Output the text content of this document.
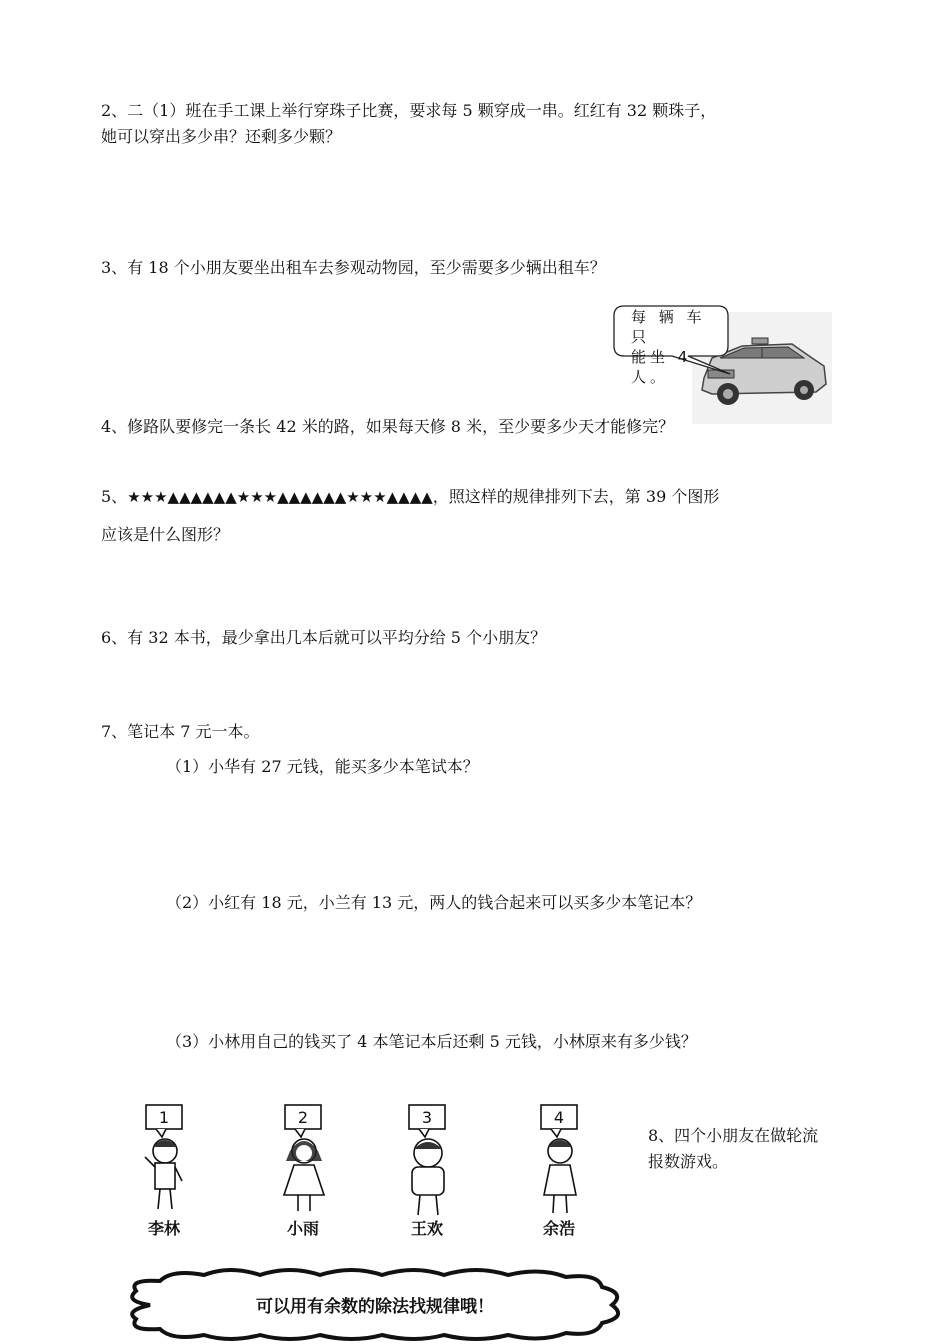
2、二（1）班在手工课上举行穿珠子比赛，要求每 5 颗穿成一串。红红有 32 颗珠子，
她可以穿出多少串？还剩多少颗？
3、有 18 个小朋友要坐出租车去参观动物园，至少需要多少辆出租车？
每 辆 车 只
能坐 4 人。
4、修路队要修完一条长 42 米的路，如果每天修 8 米，至少要多少天才能修完？
5、★★★▲▲▲▲▲▲★★★▲▲▲▲▲▲★★★▲▲▲▲，照这样的规律排列下去，第 39 个图形
应该是什么图形？
6、有 32 本书，最少拿出几本后就可以平均分给 5 个小朋友？
7、笔记本 7 元一本。
（1）小华有 27 元钱，能买多少本笔试本？
（2）小红有 18 元，小兰有 13 元，两人的钱合起来可以买多少本笔记本？
（3）小林用自己的钱买了 4 本笔记本后还剩 5 元钱，小林原来有多少钱？
1	2	3	4
李林	小雨	王欢	余浩
8、四个小朋友在做轮流
报数游戏。
可以用有余数的除法找规律哦！
